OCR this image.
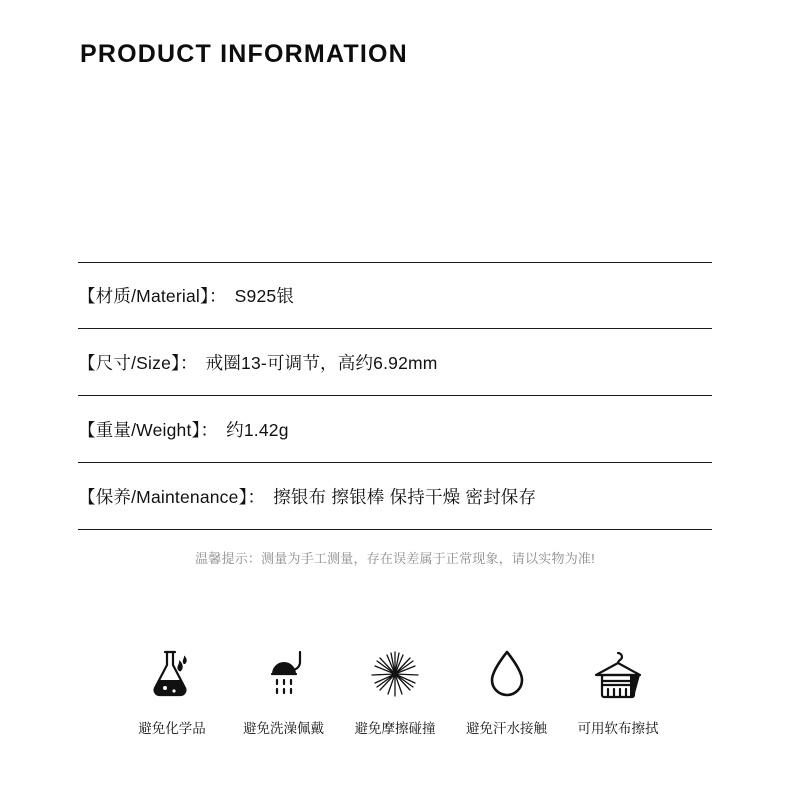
PRODUCT INFORMATION
【材质/Material】： S925银
【尺寸/Size】： 戒圈13-可调节，高约6.92mm
【重量/Weight】： 约1.42g
【保养/Maintenance】： 擦银布 擦银棒 保持干燥 密封保存
温馨提示：测量为手工测量，存在误差属于正常现象，请以实物为准!
避免化学品	避免洗澡佩戴 避免摩擦碰撞 避免汗水接触 可用软布擦拭
